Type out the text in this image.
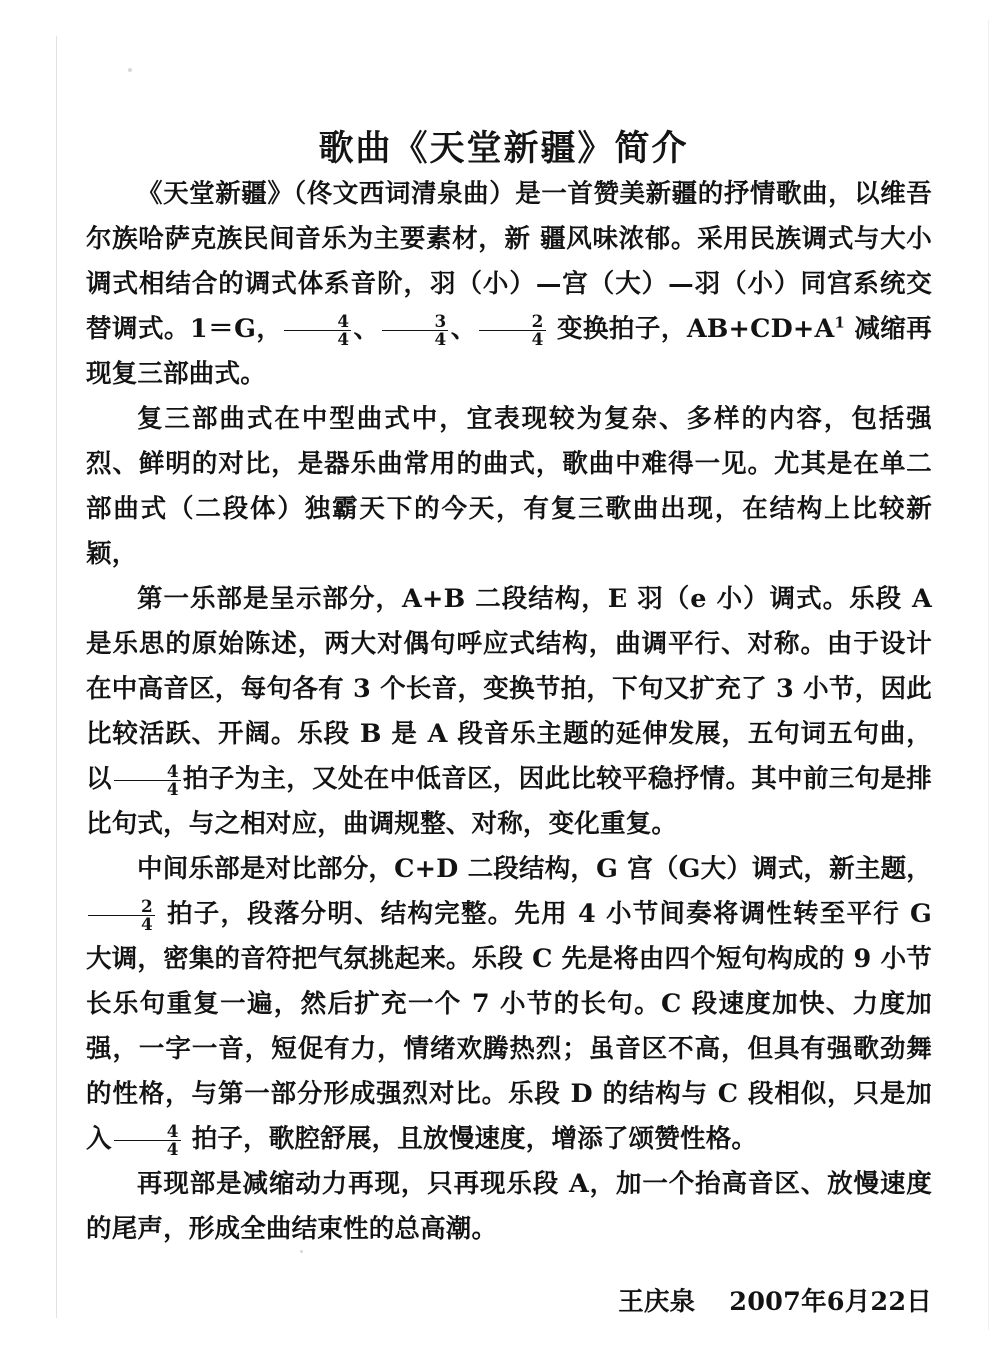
歌曲《天堂新疆》简介

《天堂新疆》（佟文西词清泉曲）是一首赞美新疆的抒情歌曲，以维吾尔族哈萨克族民间音乐为主要素材，新 疆风味浓郁。采用民族调式与大小调式相结合的调式体系音阶，羽（小）—宫（大）—羽（小）同宫系统交替调式。1＝G， $\frac{4}{4}$ 、 $\frac{3}{4}$ 、 $\frac{2}{4}$ 变换拍子，$AB+CD+A^1$ 减缩再现复三部曲式。

复三部曲式在中型曲式中，宜表现较为复杂、多样的内容，包括强烈、鲜明的对比，是器乐曲常用的曲式，歌曲中难得一见。尤其是在单二部曲式（二段体）独霸天下的今天，有复三歌曲出现，在结构上比较新颖，

第一乐部是呈示部分，A+B 二段结构，E 羽（e 小）调式。乐段 A 是乐思的原始陈述，两大对偶句呼应式结构，曲调平行、对称。由于设计在中高音区，每句各有 3 个长音，变换节拍，下句又扩充了 3 小节，因此比较活跃、开阔。乐段 B 是 A 段音乐主题的延伸发展，五句词五句曲，以 $\frac{4}{4}$ 拍子为主，又处在中低音区，因此比较平稳抒情。其中前三句是排比句式，与之相对应，曲调规整、对称，变化重复。

中间乐部是对比部分，C+D 二段结构，G 宫（G大）调式，新主题，
$\frac{2}{4}$ 拍子，段落分明、结构完整。先用 4 小节间奏将调性转至平行 G 大调，密集的音符把气氛挑起来。乐段 C 先是将由四个短句构成的 9 小节长乐句重复一遍，然后扩充一个 7 小节的长句。C 段速度加快、力度加强，一字一音，短促有力，情绪欢腾热烈；虽音区不高，但具有强歌劲舞的性格，与第一部分形成强烈对比。乐段 D 的结构与 C 段相似，只是加入 $\frac{4}{4}$ 拍子，歌腔舒展，且放慢速度，增添了颂赞性格。

再现部是减缩动力再现，只再现乐段 A，加一个抬高音区、放慢速度的尾声，形成全曲结束性的总高潮。

王庆泉 2007年6月22日
